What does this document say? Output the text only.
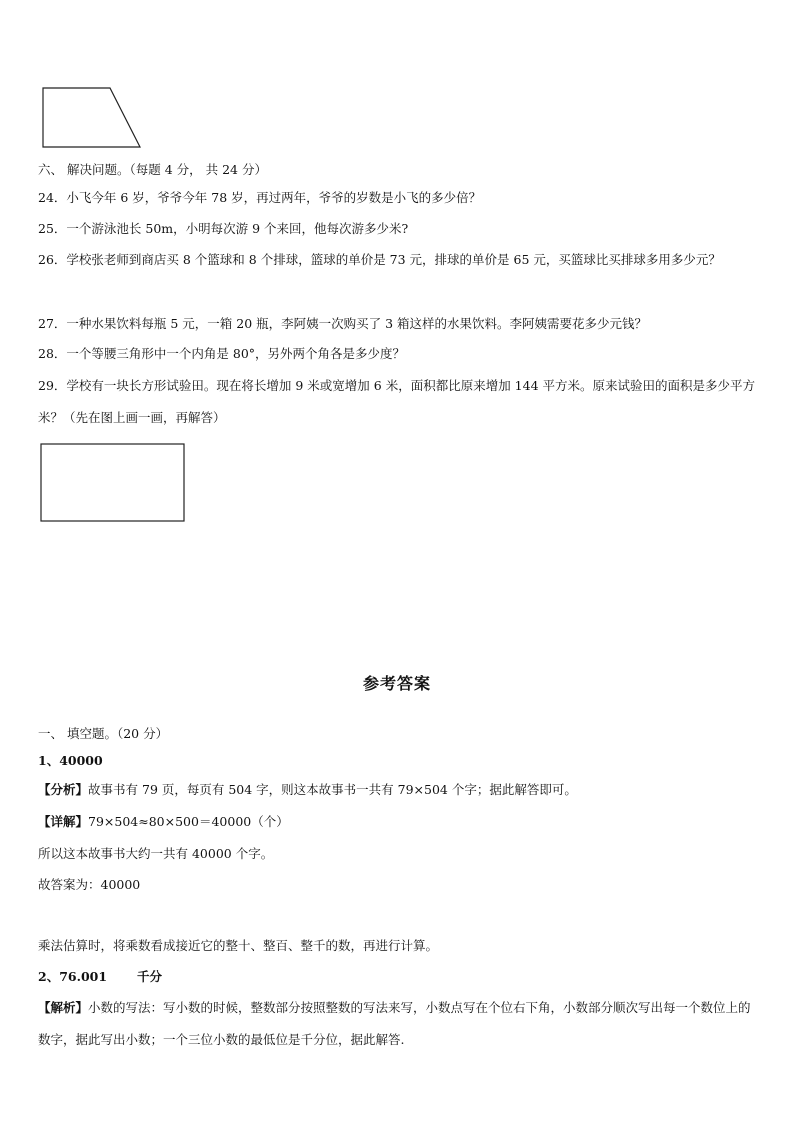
六、 解决问题。（每题 4 分， 共 24 分）
24．小飞今年 6 岁，爷爷今年 78 岁，再过两年，爷爷的岁数是小飞的多少倍？
25．一个游泳池长 50m，小明每次游 9 个来回，他每次游多少米?
26．学校张老师到商店买 8 个篮球和 8 个排球，篮球的单价是 73 元，排球的单价是 65 元，买篮球比买排球多用多少元？
27．一种水果饮料每瓶 5 元，一箱 20 瓶，李阿姨一次购买了 3 箱这样的水果饮料。李阿姨需要花多少元钱？
28．一个等腰三角形中一个内角是 80°，另外两个角各是多少度？
29．学校有一块长方形试验田。现在将长增加 9 米或宽增加 6 米，面积都比原来增加 144 平方米。原来试验田的面积是多少平方米？（先在图上画一画，再解答）
参考答案
一、 填空题。（20 分）
1、40000
【分析】故事书有 79 页，每页有 504 字，则这本故事书一共有 79×504 个字；据此解答即可。
【详解】79×504≈80×500＝40000（个）
所以这本故事书大约一共有 40000 个字。
故答案为：40000
乘法估算时，将乘数看成接近它的整十、整百、整千的数，再进行计算。
2、76.001 千分
【解析】小数的写法：写小数的时候，整数部分按照整数的写法来写，小数点写在个位右下角，小数部分顺次写出每一个数位上的数字，据此写出小数；一个三位小数的最低位是千分位，据此解答.
